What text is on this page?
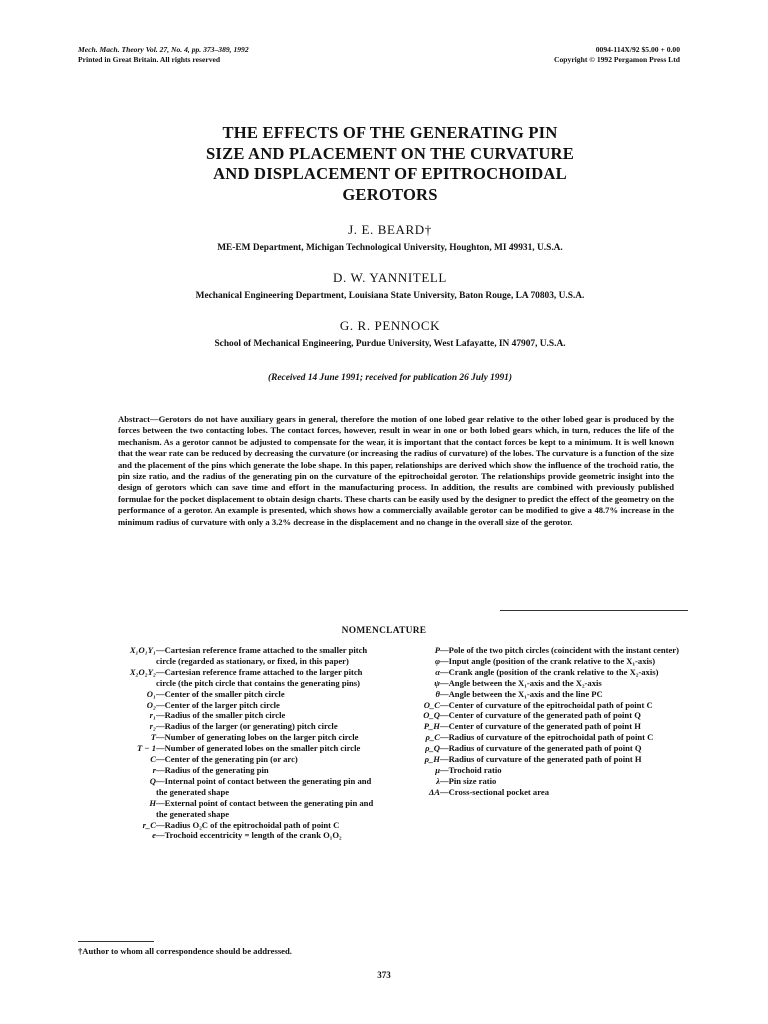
Mech. Mach. Theory Vol. 27, No. 4, pp. 373–389, 1992
Printed in Great Britain. All rights reserved
0094-114X/92 $5.00 + 0.00
Copyright © 1992 Pergamon Press Ltd
THE EFFECTS OF THE GENERATING PIN
SIZE AND PLACEMENT ON THE CURVATURE
AND DISPLACEMENT OF EPITROCHOIDAL
GEROTORS
J. E. BEARD†
ME-EM Department, Michigan Technological University, Houghton, MI 49931, U.S.A.
D. W. YANNITELL
Mechanical Engineering Department, Louisiana State University, Baton Rouge, LA 70803, U.S.A.
G. R. PENNOCK
School of Mechanical Engineering, Purdue University, West Lafayatte, IN 47907, U.S.A.
(Received 14 June 1991; received for publication 26 July 1991)
Abstract—Gerotors do not have auxiliary gears in general, therefore the motion of one lobed gear relative to the other lobed gear is produced by the forces between the two contacting lobes. The contact forces, however, result in wear in one or both lobed gears which, in turn, reduces the life of the mechanism. As a gerotor cannot be adjusted to compensate for the wear, it is important that the contact forces be kept to a minimum. It is well known that the wear rate can be reduced by decreasing the curvature (or increasing the radius of curvature) of the lobes. The curvature is a function of the size and the placement of the pins which generate the lobe shape. In this paper, relationships are derived which show the influence of the trochoid ratio, the pin size ratio, and the radius of the generating pin on the curvature of the epitrochoidal gerotor. The relationships provide geometric insight into the design of gerotors which can save time and effort in the manufacturing process. In addition, the results are combined with previously published formulae for the pocket displacement to obtain design charts. These charts can be easily used by the designer to predict the effect of the geometry on the performance of a gerotor. An example is presented, which shows how a commercially available gerotor can be modified to give a 48.7% increase in the minimum radius of curvature with only a 3.2% decrease in the displacement and no change in the overall size of the gerotor.
NOMENCLATURE
X₁O₁Y₁ —Cartesian reference frame attached to the smaller pitch circle (regarded as stationary, or fixed, in this paper)
X₂O₂Y₂ —Cartesian reference frame attached to the larger pitch circle (the pitch circle that contains the generating pins)
O₁ —Center of the smaller pitch circle
O₂ —Center of the larger pitch circle
r₁ —Radius of the smaller pitch circle
r₂ —Radius of the larger (or generating) pitch circle
T —Number of generating lobes on the larger pitch circle
T − 1 —Number of generated lobes on the smaller pitch circle
C —Center of the generating pin (or arc)
r —Radius of the generating pin
Q —Internal point of contact between the generating pin and the generated shape
H —External point of contact between the generating pin and the generated shape
r_C —Radius O₂C of the epitrochoidal path of point C
e —Trochoid eccentricity = length of the crank O₁O₂
P —Pole of the two pitch circles (coincident with the instant center)
φ —Input angle (position of the crank relative to the X₁-axis)
α —Crank angle (position of the crank relative to the X₂-axis)
ψ —Angle between the X₁-axis and the X₂-axis
θ —Angle between the X₁-axis and the line PC
O_C —Center of curvature of the epitrochoidal path of point C
O_Q —Center of curvature of the generated path of point Q
P_H —Center of curvature of the generated path of point H
ρ_C —Radius of curvature of the epitrochoidal path of point C
ρ_Q —Radius of curvature of the generated path of point Q
ρ_H —Radius of curvature of the generated path of point H
μ —Trochoid ratio
λ —Pin size ratio
ΔA —Cross-sectional pocket area
†Author to whom all correspondence should be addressed.
373
